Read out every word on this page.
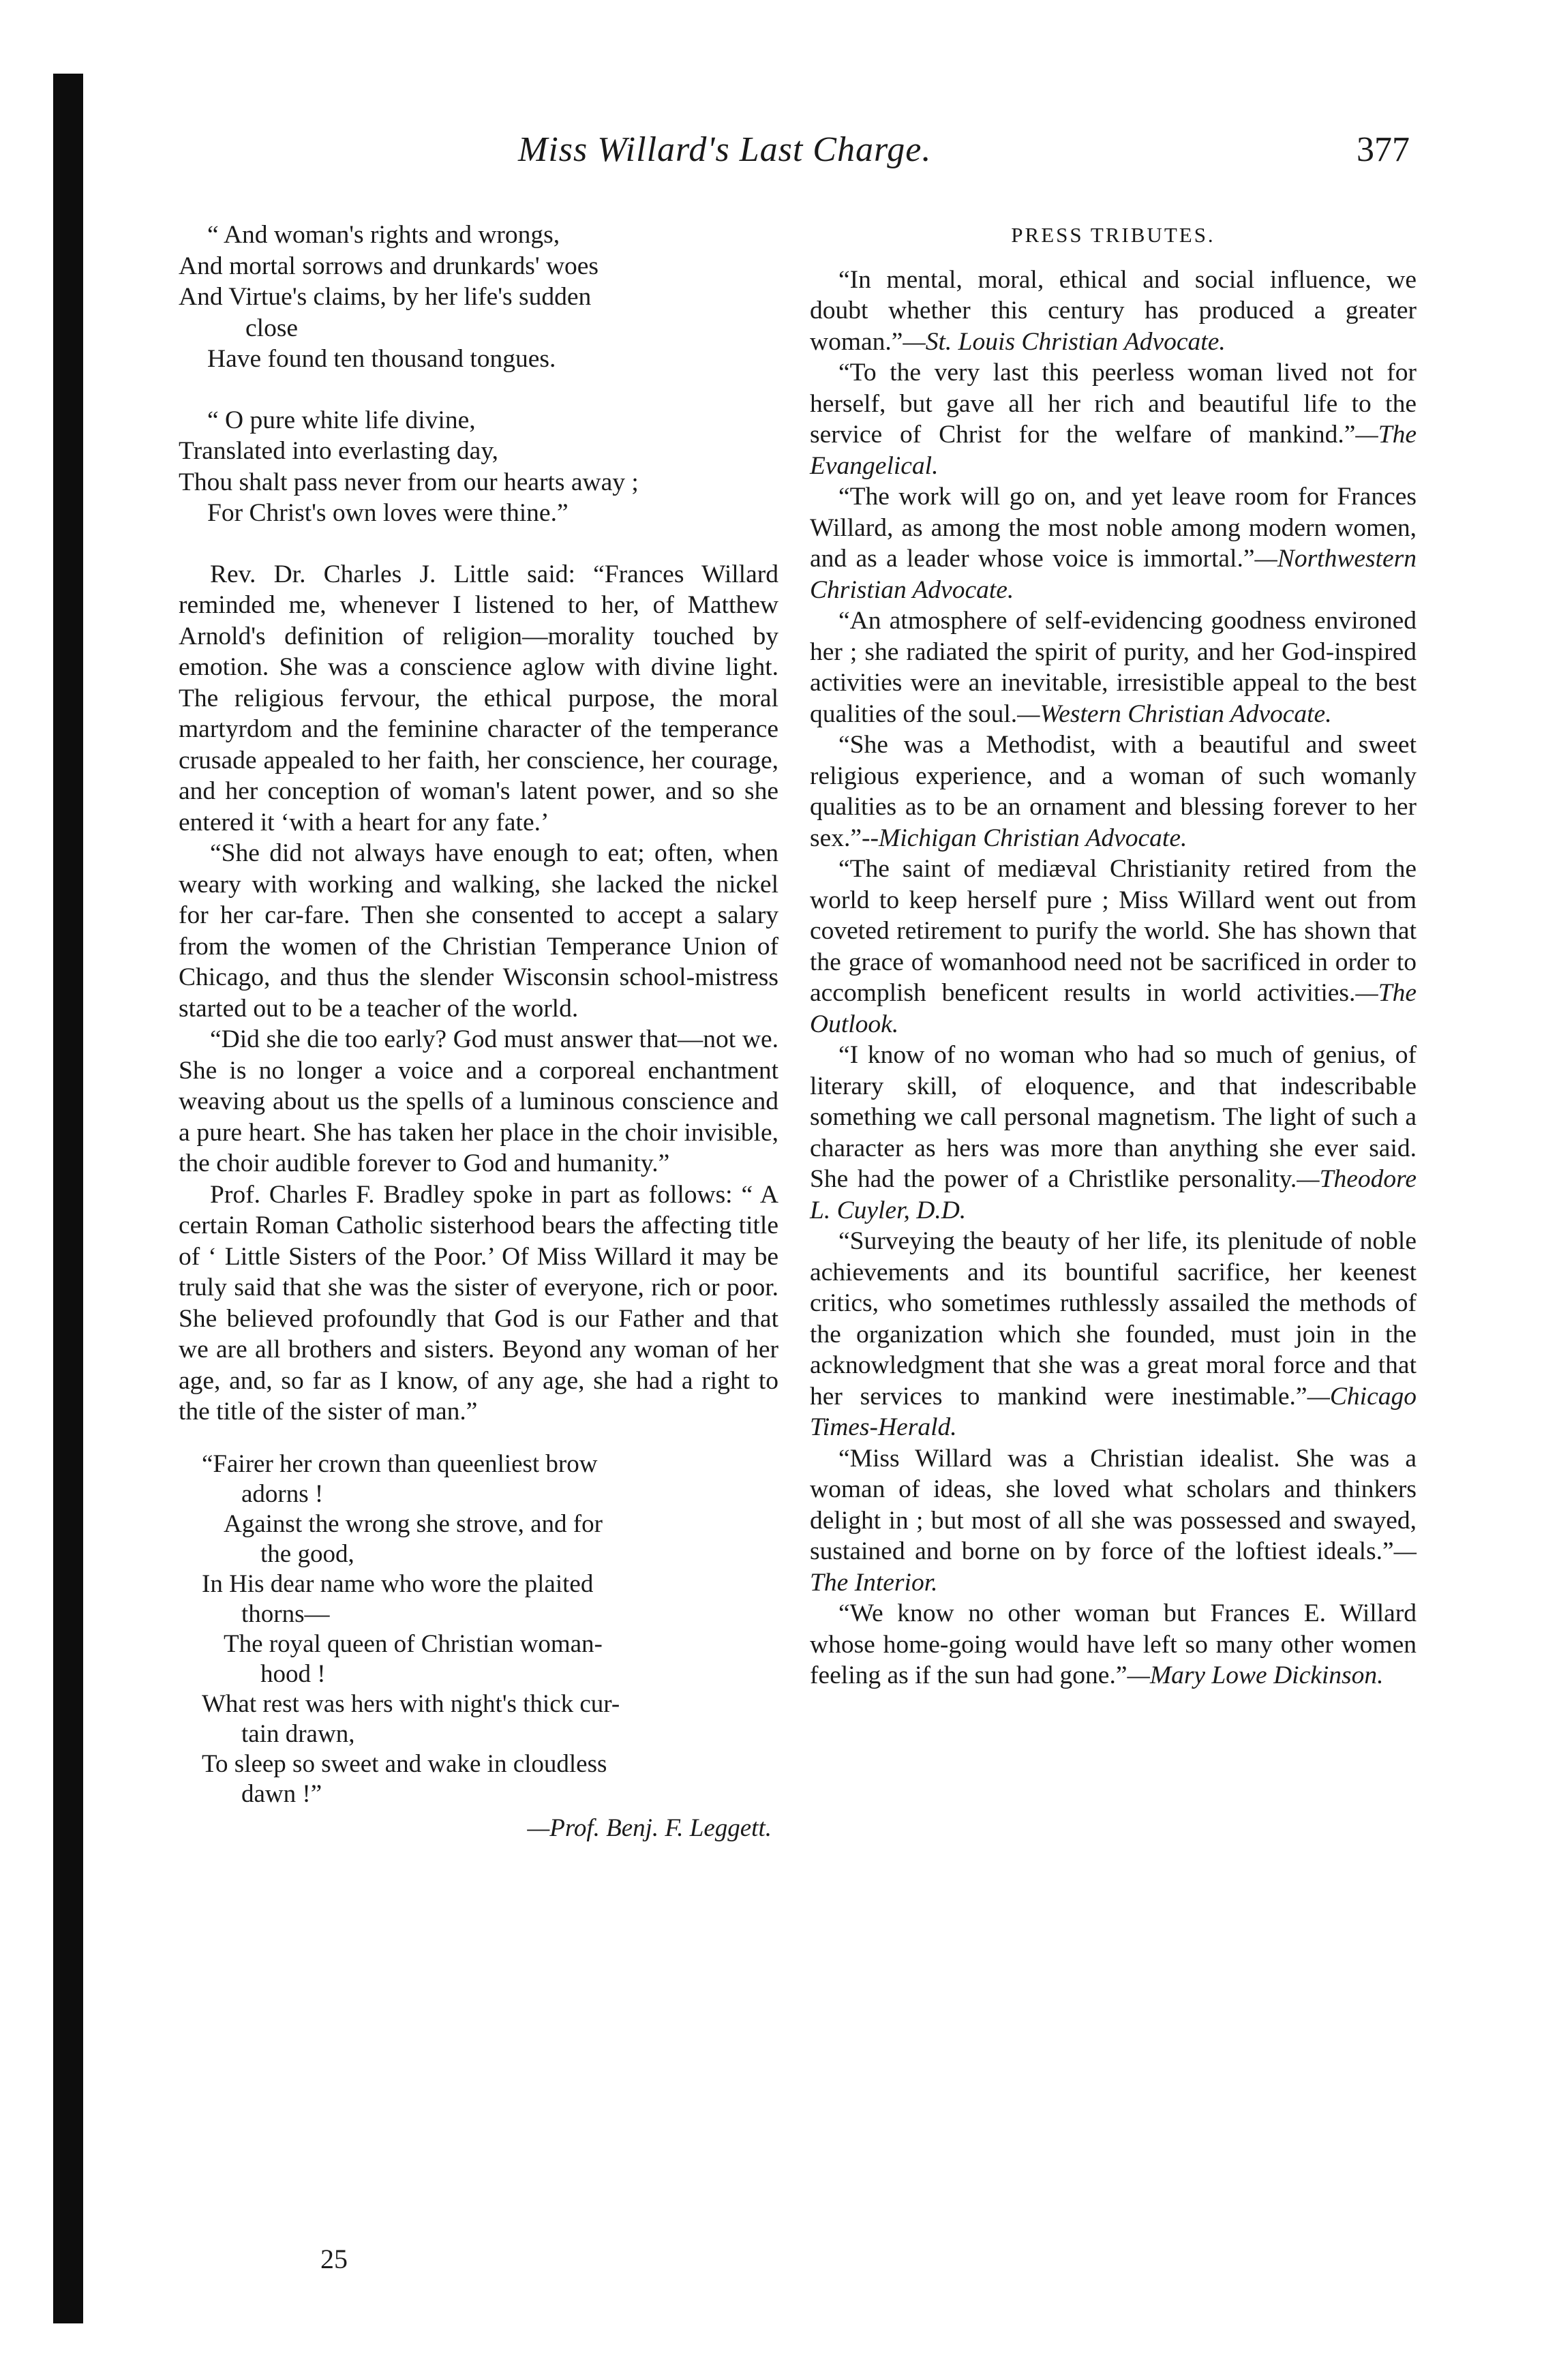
Miss Willard's Last Charge.	377
“ And woman's rights and wrongs,
And mortal sorrows and drunkards' woes
And Virtue's claims, by her life's sudden
close
Have found ten thousand tongues.
“ O pure white life divine,
Translated into everlasting day,
Thou shalt pass never from our hearts away ;
For Christ's own loves were thine.”

Rev. Dr. Charles J. Little said: “Frances Willard reminded me, whenever I listened to her, of Matthew Arnold's definition of religion—morality touched by emotion. She was a conscience aglow with divine light. The religious fervour, the ethical purpose, the moral martyrdom and the feminine character of the temperance crusade appealed to her faith, her conscience, her courage, and her conception of woman's latent power, and so she entered it ‘with a heart for any fate.’

“She did not always have enough to eat; often, when weary with working and walking, she lacked the nickel for her car-fare. Then she consented to accept a salary from the women of the Christian Temperance Union of Chicago, and thus the slender Wisconsin school-mistress started out to be a teacher of the world.

“Did she die too early? God must answer that—not we. She is no longer a voice and a corporeal enchantment weaving about us the spells of a luminous conscience and a pure heart. She has taken her place in the choir invisible, the choir audible forever to God and humanity.”

Prof. Charles F. Bradley spoke in part as follows: “ A certain Roman Catholic sisterhood bears the affecting title of ‘ Little Sisters of the Poor.’ Of Miss Willard it may be truly said that she was the sister of everyone, rich or poor. She believed profoundly that God is our Father and that we are all brothers and sisters. Beyond any woman of her age, and, so far as I know, of any age, she had a right to the title of the sister of man.”

“Fairer her crown than queenliest brow
adorns !
Against the wrong she strove, and for
the good,
In His dear name who wore the plaited
thorns—
The royal queen of Christian woman-
hood !
What rest was hers with night's thick cur-
tain drawn,
To sleep so sweet and wake in cloudless
dawn !”
—Prof. Benj. F. Leggett.
PRESS TRIBUTES.

“In mental, moral, ethical and social influence, we doubt whether this century has produced a greater woman.”—St. Louis Christian Advocate.

“To the very last this peerless woman lived not for herself, but gave all her rich and beautiful life to the service of Christ for the welfare of mankind.”—The Evangelical.

“The work will go on, and yet leave room for Frances Willard, as among the most noble among modern women, and as a leader whose voice is immortal.”—Northwestern Christian Advocate.

“An atmosphere of self-evidencing goodness environed her ; she radiated the spirit of purity, and her God-inspired activities were an inevitable, irresistible appeal to the best qualities of the soul.—Western Christian Advocate.

“She was a Methodist, with a beautiful and sweet religious experience, and a woman of such womanly qualities as to be an ornament and blessing forever to her sex.”--Michigan Christian Advocate.

“The saint of mediæval Christianity retired from the world to keep herself pure ; Miss Willard went out from coveted retirement to purify the world. She has shown that the grace of womanhood need not be sacrificed in order to accomplish beneficent results in world activities.—The Outlook.

“I know of no woman who had so much of genius, of literary skill, of eloquence, and that indescribable something we call personal magnetism. The light of such a character as hers was more than anything she ever said. She had the power of a Christlike personality.—Theodore L. Cuyler, D.D.

“Surveying the beauty of her life, its plenitude of noble achievements and its bountiful sacrifice, her keenest critics, who sometimes ruthlessly assailed the methods of the organization which she founded, must join in the acknowledgment that she was a great moral force and that her services to mankind were inestimable.”—Chicago Times-Herald.

“Miss Willard was a Christian idealist. She was a woman of ideas, she loved what scholars and thinkers delight in ; but most of all she was possessed and swayed, sustained and borne on by force of the loftiest ideals.”—The Interior.

“We know no other woman but Frances E. Willard whose home-going would have left so many other women feeling as if the sun had gone.”—Mary Lowe Dickinson.

25
